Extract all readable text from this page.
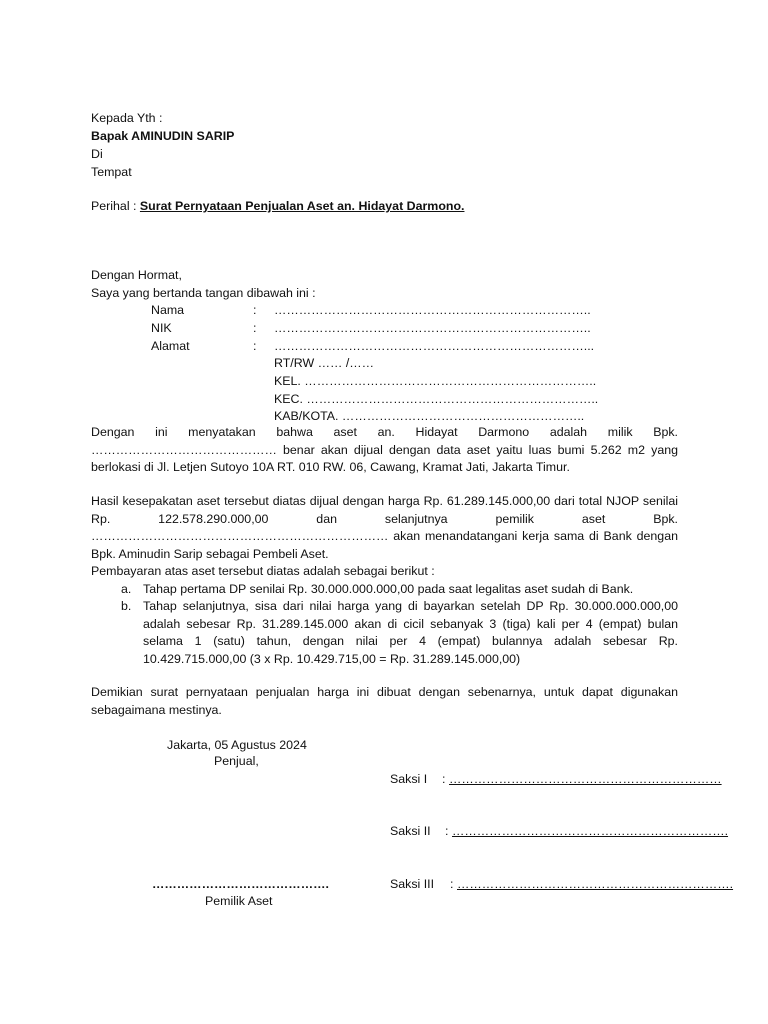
Kepada Yth :
Bapak AMINUDIN SARIP
Di
Tempat
Perihal : Surat Pernyataan Penjualan Aset an. Hidayat Darmono.
Dengan Hormat,
Saya yang bertanda tangan dibawah ini :
Nama	: …………………………………………………………………..
NIK	: …………………………………………………………………..
Alamat	: …………………………………………………………………...
RT/RW …… /……
KEL. ……………………………………………………………..
KEC. ……………………………………………………………..
KAB/KOTA. …………………………………………………..
Dengan ini menyatakan bahwa aset an. Hidayat Darmono adalah milik Bpk. ……………………………………… benar akan dijual dengan data aset yaitu luas bumi 5.262 m2 yang berlokasi di Jl. Letjen Sutoyo 10A RT. 010 RW. 06, Cawang, Kramat Jati, Jakarta Timur.
Hasil kesepakatan aset tersebut diatas dijual dengan harga Rp. 61.289.145.000,00 dari total NJOP senilai Rp. 122.578.290.000,00 dan selanjutnya pemilik aset Bpk. ……………………………………………………………… akan menandatangani kerja sama di Bank dengan Bpk. Aminudin Sarip sebagai Pembeli Aset.
Pembayaran atas aset tersebut diatas adalah sebagai berikut :
a. Tahap pertama DP senilai Rp. 30.000.000.000,00 pada saat legalitas aset sudah di Bank.
b. Tahap selanjutnya, sisa dari nilai harga yang di bayarkan setelah DP Rp. 30.000.000.000,00 adalah sebesar Rp. 31.289.145.000 akan di cicil sebanyak 3 (tiga) kali per 4 (empat) bulan selama 1 (satu) tahun, dengan nilai per 4 (empat) bulannya adalah sebesar Rp. 10.429.715.000,00 (3 x Rp. 10.429.715,00 = Rp. 31.289.145.000,00)
Demikian surat pernyataan penjualan harga ini dibuat dengan sebenarnya, untuk dapat digunakan sebagaimana mestinya.
Jakarta, 05 Agustus 2024
Penjual,
Saksi I : …………………………………………………………
Saksi II : ………………………………………………………….
Saksi III : ………………………………………………………….
…………………………………….
Pemilik Aset
